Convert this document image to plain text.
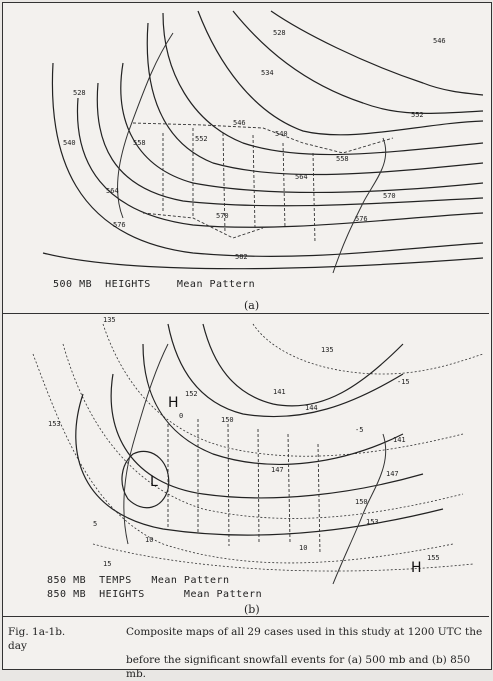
528
534
540
546
552
558
564
570
576
582
528
540
546
552
558
564
570
576
500 MB  HEIGHTS    Mean Pattern
(a)
H
L
H
135
135
141
150
152
153
147	147
144
141
150
153
155
15
10
5
-5
-15
0
10
850 MB  TEMPS   Mean Pattern
850 MB  HEIGHTS      Mean Pattern
(b)
Fig. 1a-1b.	Composite maps of all 29 cases used in this study at 1200 UTC the day
before the significant snowfall events for (a) 500 mb and (b) 850 mb.
